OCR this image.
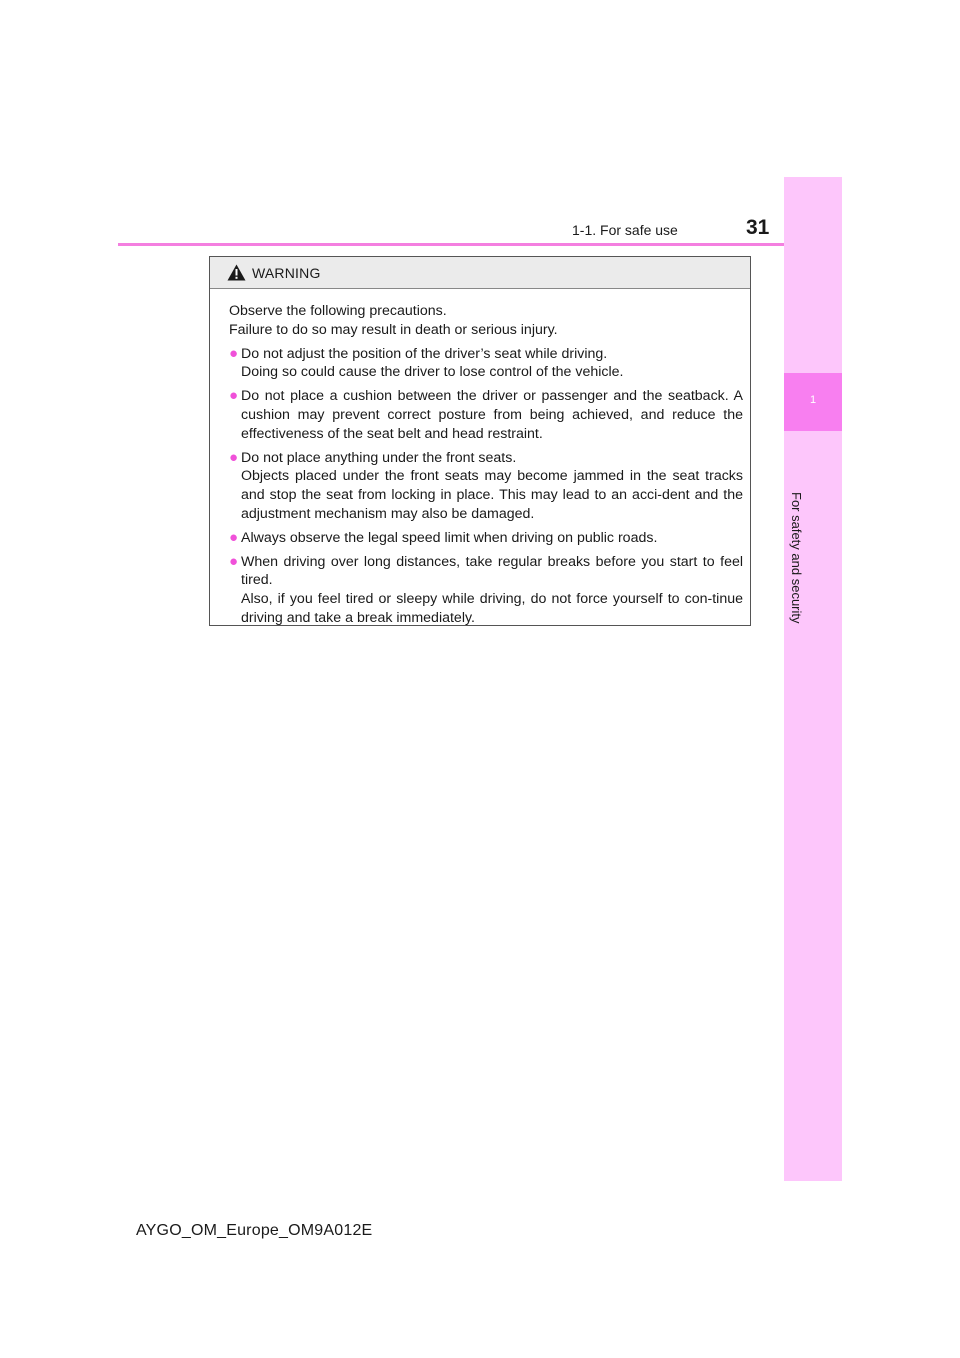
1-1. For safe use	31
1
For safety and security
WARNING
Observe the following precautions.
Failure to do so may result in death or serious injury.
● Do not adjust the position of the driver’s seat while driving.
Doing so could cause the driver to lose control of the vehicle.
● Do not place a cushion between the driver or passenger and the seatback. A cushion may prevent correct posture from being achieved, and reduce the effectiveness of the seat belt and head restraint.
● Do not place anything under the front seats.
Objects placed under the front seats may become jammed in the seat tracks and stop the seat from locking in place. This may lead to an acci-dent and the adjustment mechanism may also be damaged.
● Always observe the legal speed limit when driving on public roads.
● When driving over long distances, take regular breaks before you start to feel tired.
Also, if you feel tired or sleepy while driving, do not force yourself to con-tinue driving and take a break immediately.
AYGO_OM_Europe_OM9A012E
